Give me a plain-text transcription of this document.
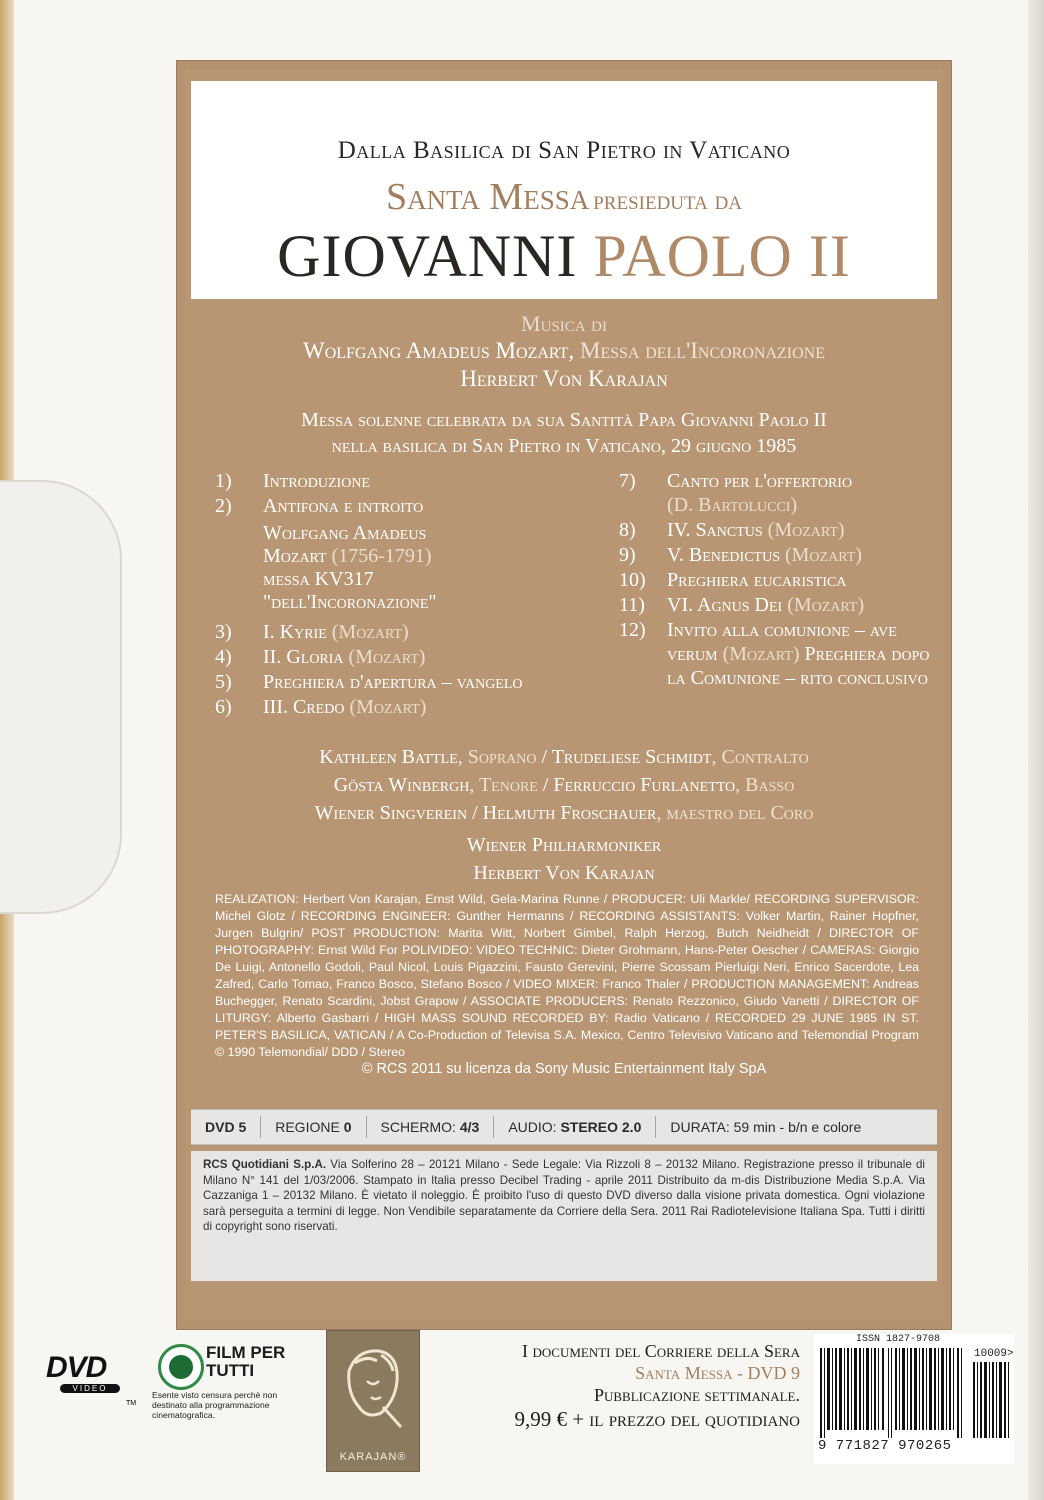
Dalla Basilica di San Pietro in Vaticano
Santa Messa presieduta da
GIOVANNI PAOLO II
Musica di
Wolfgang Amadeus Mozart, Messa dell'Incoronazione
Herbert Von Karajan
Messa solenne celebrata da sua Santità Papa Giovanni Paolo II
nella basilica di San Pietro in Vaticano, 29 giugno 1985
1)	Introduzione
2)	Antifona e introito
Wolfgang Amadeus
Mozart (1756-1791)
messa KV317
"dell'Incoronazione"
3)	I. Kyrie (Mozart)
4)	II. Gloria (Mozart)
5)	Preghiera d'apertura – vangelo
6)	III. Credo (Mozart)
7)	Canto per l'offertorio
(D. Bartolucci)
8)	IV. Sanctus (Mozart)
9)	V. Benedictus (Mozart)
10)	Preghiera eucaristica
11)	VI. Agnus Dei (Mozart)
12)	Invito alla comunione – ave verum (Mozart) Preghiera dopo la Comunione – rito conclusivo
Kathleen Battle, Soprano / Trudeliese Schmidt, Contralto
Gösta Winbergh, Tenore / Ferruccio Furlanetto, Basso
Wiener Singverein / Helmuth Froschauer, maestro del Coro
Wiener Philharmoniker
Herbert Von Karajan
REALIZATION: Herbert Von Karajan, Ernst Wild, Gela-Marina Runne / PRODUCER: Uli Markle/ RECORDING SUPERVISOR: Michel Glotz / RECORDING ENGINEER: Gunther Hermanns / RECORDING ASSISTANTS: Volker Martin, Rainer Hopfner, Jurgen Bulgrin/ POST PRODUCTION: Marita Witt, Norbert Gimbel, Ralph Herzog, Butch Neidheidt / DIRECTOR OF PHOTOGRAPHY: Ernst Wild For POLIVIDEO: VIDEO TECHNIC: Dieter Grohmann, Hans-Peter Oescher / CAMERAS: Giorgio De Luigi, Antonello Godoli, Paul Nicol, Louis Pigazzini, Fausto Gerevini, Pierre Scossam Pierluigi Neri, Enrico Sacerdote, Lea Zafred, Carlo Tomao, Franco Bosco, Stefano Bosco / VIDEO MIXER: Franco Thaler / PRODUCTION MANAGEMENT: Andreas Buchegger, Renato Scardini, Jobst Grapow / ASSOCIATE PRODUCERS: Renato Rezzonico, Giudo Vanetti / DIRECTOR OF LITURGY: Alberto Gasbarri / HIGH MASS SOUND RECORDED BY: Radio Vaticano / RECORDED 29 JUNE 1985 IN ST. PETER'S BASILICA, VATICAN / A Co-Production of Televisa S.A. Mexico, Centro Televisivo Vaticano and Telemondial Program © 1990 Telemondial/ DDD / Stereo
© RCS 2011 su licenza da Sony Music Entertainment Italy SpA
DVD 5	REGIONE 0	SCHERMO: 4/3	AUDIO: STEREO 2.0	DURATA: 59 min - b/n e colore
RCS Quotidiani S.p.A. Via Solferino 28 – 20121 Milano - Sede Legale: Via Rizzoli 8 – 20132 Milano. Registrazione presso il tribunale di Milano N° 141 del 1/03/2006. Stampato in Italia presso Decibel Trading - aprile 2011 Distribuito da m-dis Distribuzione Media S.p.A. Via Cazzaniga 1 – 20132 Milano. È vietato il noleggio. È proibito l'uso di questo DVD diverso dalla visione privata domestica. Ogni violazione sarà perseguita a termini di legge. Non Vendibile separatamente da Corriere della Sera. 2011 Rai Radiotelevisione Italiana Spa. Tutti i diritti di copyright sono riservati.
DVD
VIDEO
TM
FILM PER TUTTI
Esente visto censura perchè non destinato alla programmazione cinematografica.
KARAJAN®
I documenti del Corriere della Sera
Santa Messa - DVD 9
Pubblicazione settimanale.
9,99 € + il prezzo del quotidiano
ISSN 1827-9708
10009>
9 771827 970265
